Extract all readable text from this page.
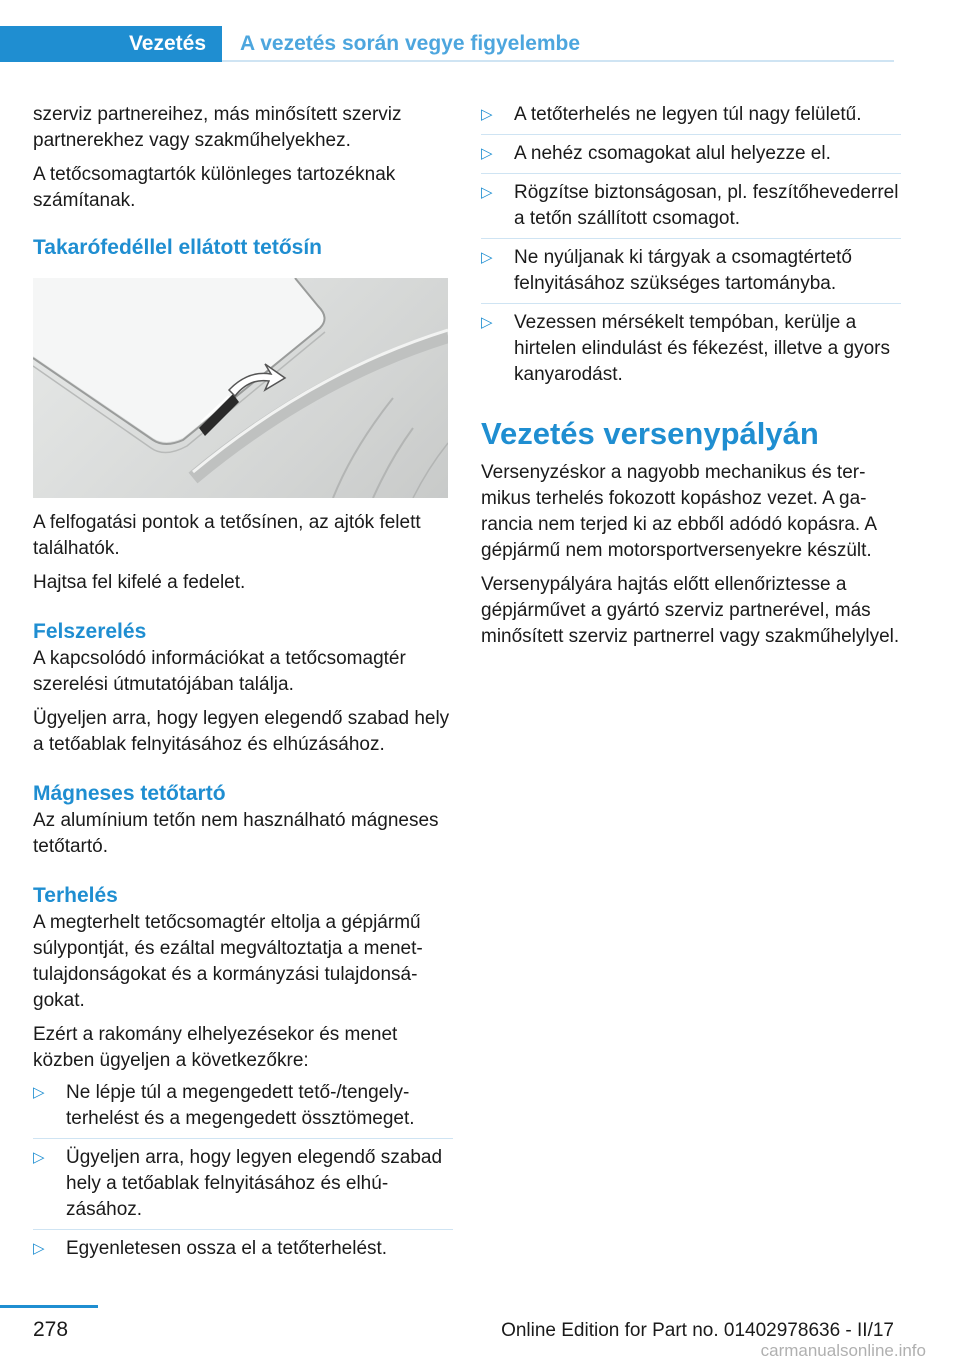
Vezetés	A vezetés során vegye figyelembe

szerviz partnereihez, más minősített szerviz partnerekhez vagy szakműhelyekhez.

A tetőcsomagtartók különleges tartozéknak számítanak.

Takarófedéllel ellátott tetősín

A felfogatási pontok a tetősínen, az ajtók felett találhatók.

Hajtsa fel kifelé a fedelet.

Felszerelés

A kapcsolódó információkat a tetőcsomagtér szerelési útmutatójában találja.

Ügyeljen arra, hogy legyen elegendő szabad hely a tetőablak felnyitásához és elhúzásához.

Mágneses tetőtartó

Az alumínium tetőn nem használható mágneses tetőtartó.

Terhelés

A megterhelt tetőcsomagtér eltolja a gépjármű súlypontját, és ezáltal megváltoztatja a menettulajdonságokat és a kormányzási tulajdonságokat.

Ezért a rakomány elhelyezésekor és menet közben ügyeljen a következőkre:

▷ Ne lépje túl a megengedett tető-/tengelyterhelést és a megengedett össztömeget.
▷ Ügyeljen arra, hogy legyen elegendő szabad hely a tetőablak felnyitásához és elhúzásához.
▷ Egyenletesen ossza el a tetőterhelést.
▷ A tetőterhelés ne legyen túl nagy felületű.
▷ A nehéz csomagokat alul helyezze el.
▷ Rögzítse biztonságosan, pl. feszítőhevederrel a tetőn szállított csomagot.
▷ Ne nyúljanak ki tárgyak a csomagtértető felnyitásához szükséges tartományba.
▷ Vezessen mérsékelt tempóban, kerülje a hirtelen elindulást és fékezést, illetve a gyors kanyarodást.
Vezetés versenypályán

Versenyzéskor a nagyobb mechanikus és termikus terhelés fokozott kopáshoz vezet. A garancia nem terjed ki az ebből adódó kopásra. A gépjármű nem motorsportversenyekre készült.

Versenypályára hajtás előtt ellenőriztesse a gépjárművet a gyártó szerviz partnerével, más minősített szerviz partnerrel vagy szakműhelylyel.

278	Online Edition for Part no. 01402978636 - II/17
carmanualsonline.info
